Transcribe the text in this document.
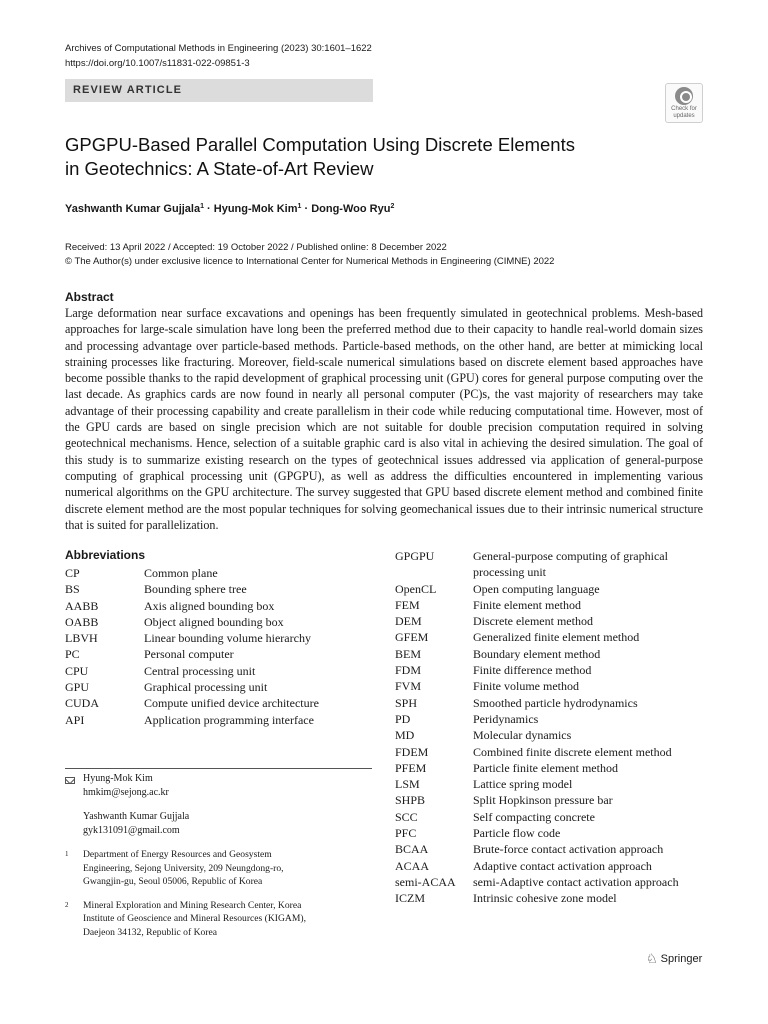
Archives of Computational Methods in Engineering (2023) 30:1601–1622
https://doi.org/10.1007/s11831-022-09851-3
REVIEW ARTICLE
Check for
updates
GPGPU-Based Parallel Computation Using Discrete Elements
in Geotechnics: A State-of-Art Review
Yashwanth Kumar Gujjala$^1$ · Hyung-Mok Kim$^1$ · Dong-Woo Ryu$^2$
Received: 13 April 2022 / Accepted: 19 October 2022 / Published online: 8 December 2022
© The Author(s) under exclusive licence to International Center for Numerical Methods in Engineering (CIMNE) 2022
Abstract

Large deformation near surface excavations and openings has been frequently simulated in geotechnical problems. Mesh-based approaches for large-scale simulation have long been the preferred method due to their capacity to handle real-world domain sizes and processing advantage over particle-based methods. Particle-based methods, on the other hand, are better at mimicking local straining processes like fracturing. Moreover, field-scale numerical simulations based on discrete element based approaches have become possible thanks to the rapid development of graphical processing unit (GPU) cores for general purpose computing over the last decade. As graphics cards are now found in nearly all personal computer (PC)s, the vast majority of researchers may take advantage of their processing capability and create parallelism in their code while reducing computational time. However, most of the GPU cards are based on single precision which are not suitable for double precision computation required in solving geotechnical mechanisms. Hence, selection of a suitable graphic card is also vital in achieving the desired simulation. The goal of this study is to summarize existing research on the types of geotechnical issues addressed via application of general-purpose computing of graphical processing unit (GPGPU), as well as address the difficulties encountered in implementing various numerical algorithms on the GPU architecture. The survey suggested that GPU based discrete element method and combined finite discrete element method are the most popular techniques for solving geomechanical issues due to their intrinsic numerical structure that is suited for parallelization.

Abbreviations
CP	Common plane
BS	Bounding sphere tree
AABB	Axis aligned bounding box
OABB	Object aligned bounding box
LBVH	Linear bounding volume hierarchy
PC	Personal computer
CPU	Central processing unit
GPU	Graphical processing unit
CUDA	Compute unified device architecture
API	Application programming interface
GPGPU	General-purpose computing of graphical processing unit
OpenCL	Open computing language
FEM	Finite element method
DEM	Discrete element method
GFEM	Generalized finite element method
BEM	Boundary element method
FDM	Finite difference method
FVM	Finite volume method
SPH	Smoothed particle hydrodynamics
PD	Peridynamics
MD	Molecular dynamics
FDEM	Combined finite discrete element method
PFEM	Particle finite element method
LSM	Lattice spring model
SHPB	Split Hopkinson pressure bar
SCC	Self compacting concrete
PFC	Particle flow code
BCAA	Brute-force contact activation approach
ACAA	Adaptive contact activation approach
semi-ACAA	semi-Adaptive contact activation approach
ICZM	Intrinsic cohesive zone model
Hyung-Mok Kim
hmkim@sejong.ac.kr
Yashwanth Kumar Gujjala
gyk131091@gmail.com
$^1$	Department of Energy Resources and Geosystem
Engineering, Sejong University, 209 Neungdong-ro,
Gwangjin-gu, Seoul 05006, Republic of Korea
$^2$	Mineral Exploration and Mining Research Center, Korea
Institute of Geoscience and Mineral Resources (KIGAM),
Daejeon 34132, Republic of Korea
♘ Springer
